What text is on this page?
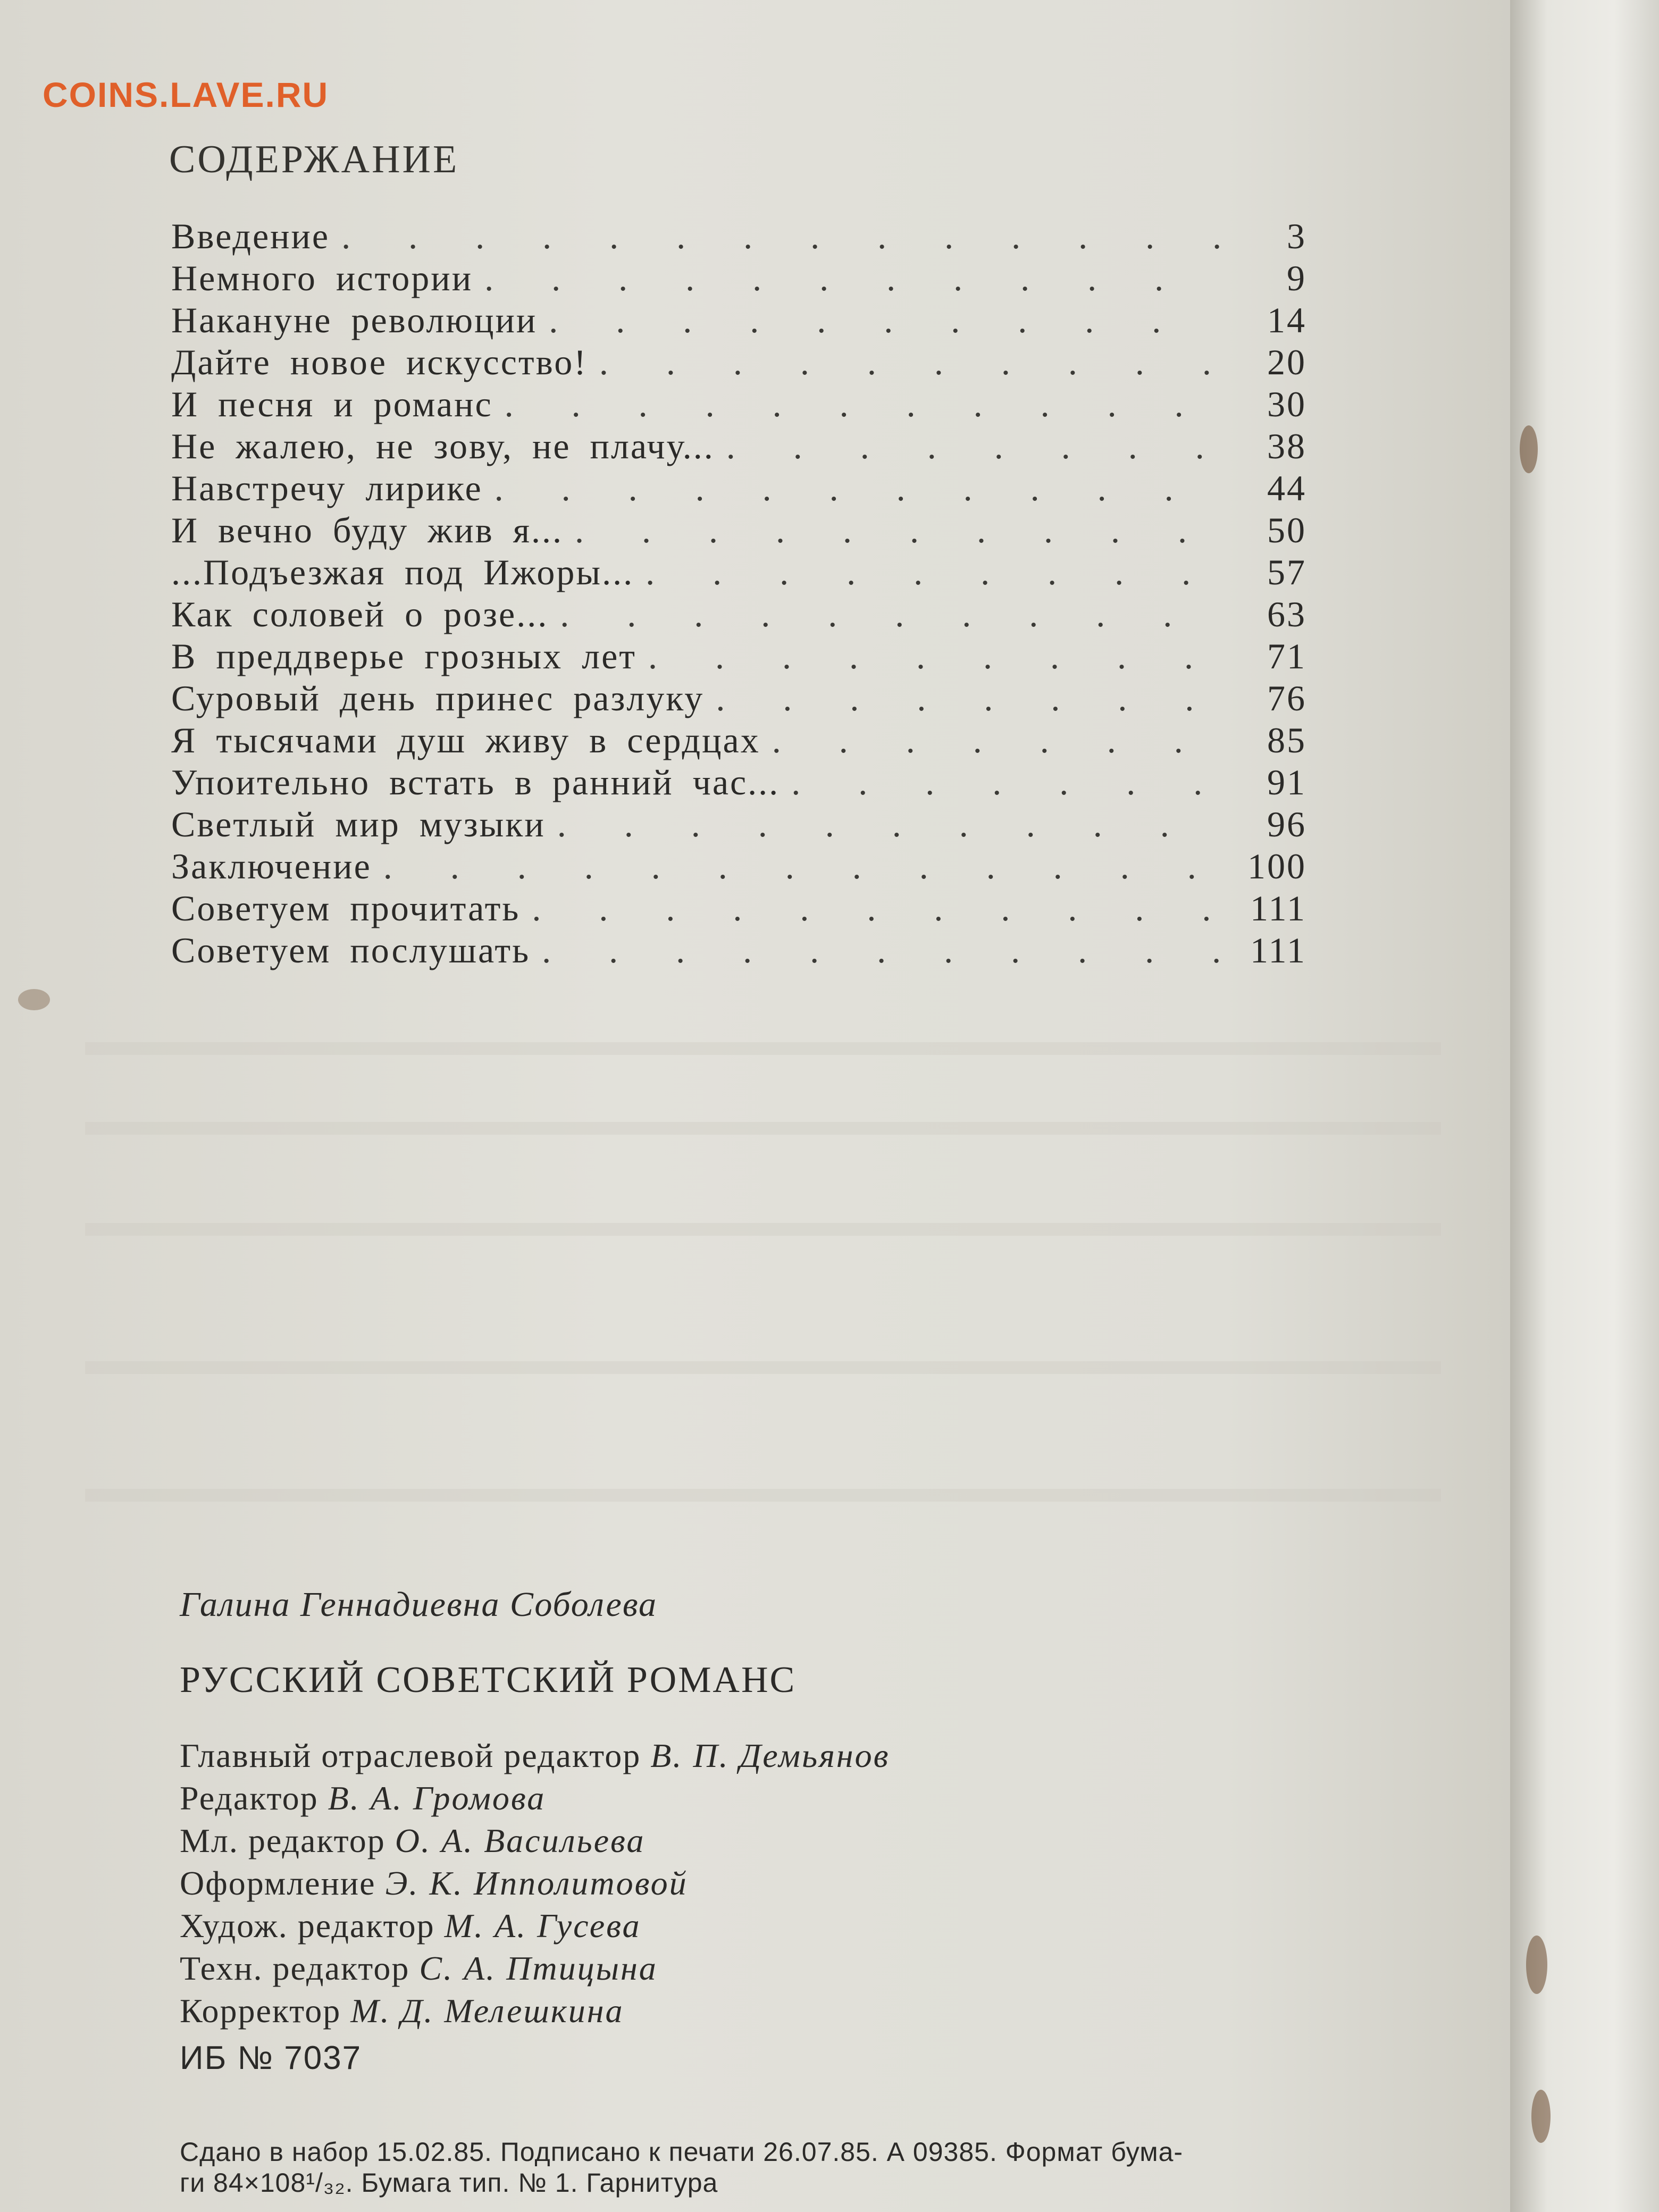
COINS.LAVE.RU
СОДЕРЖАНИЕ
Введение . . .	3
Немного истории . . .	9
Накануне революции . . .	14
Дайте новое искусство! . . .	20
И песня и романс . . .	30
Не жалею, не зову, не плачу... . . .	38
Навстречу лирике . . .	44
И вечно буду жив я... . . .	50
...Подъезжая под Ижоры... . . .	57
Как соловей о розе... . . .	63
В преддверье грозных лет . . .	71
Суровый день принес разлуку . . .	76
Я тысячами душ живу в сердцах . . .	85
Упоительно встать в ранний час... . . .	91
Светлый мир музыки . . .	96
Заключение . . .	100
Советуем прочитать . . .	111
Советуем послушать . . .	111
Галина Геннадиевна Соболева
РУССКИЙ СОВЕТСКИЙ РОМАНС
Главный отраслевой редактор В. П. Демьянов
Редактор В. А. Громова
Мл. редактор О. А. Васильева
Оформление Э. К. Ипполитовой
Худож. редактор М. А. Гусева
Техн. редактор С. А. Птицына
Корректор М. Д. Мелешкина
ИБ № 7037
Сдано в набор 15.02.85. Подписано к печати 26.07.85. А 09385. Формат бума-
ги 84×108¹/₃₂. Бумага тип. № 1. Гарнитура
